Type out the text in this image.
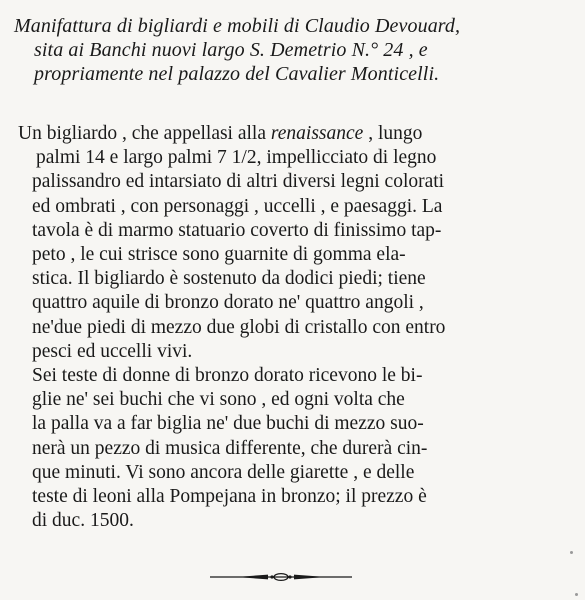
Manifattura di bigliardi e mobili di Claudio Devouard,
sita ai Banchi nuovi largo S. Demetrio N.° 24 , e
propriamente nel palazzo del Cavalier Monticelli.
Un bigliardo , che appellasi alla renaissance , lungo
palmi 14 e largo palmi 7 1/2, impellicciato di legno
palissandro ed intarsiato di altri diversi legni colorati
ed ombrati , con personaggi , uccelli , e paesaggi. La
tavola è di marmo statuario coverto di finissimo tap-
peto , le cui strisce sono guarnite di gomma ela-
stica. Il bigliardo è sostenuto da dodici piedi; tiene
quattro aquile di bronzo dorato ne' quattro angoli ,
ne'due piedi di mezzo due globi di cristallo con entro
pesci ed uccelli vivi.
Sei teste di donne di bronzo dorato ricevono le bi-
glie ne' sei buchi che vi sono , ed ogni volta che
la palla va a far biglia ne' due buchi di mezzo suo-
nerà un pezzo di musica differente, che durerà cin-
que minuti. Vi sono ancora delle giarette , e delle
teste di leoni alla Pompejana in bronzo; il prezzo è
di duc. 1500.
